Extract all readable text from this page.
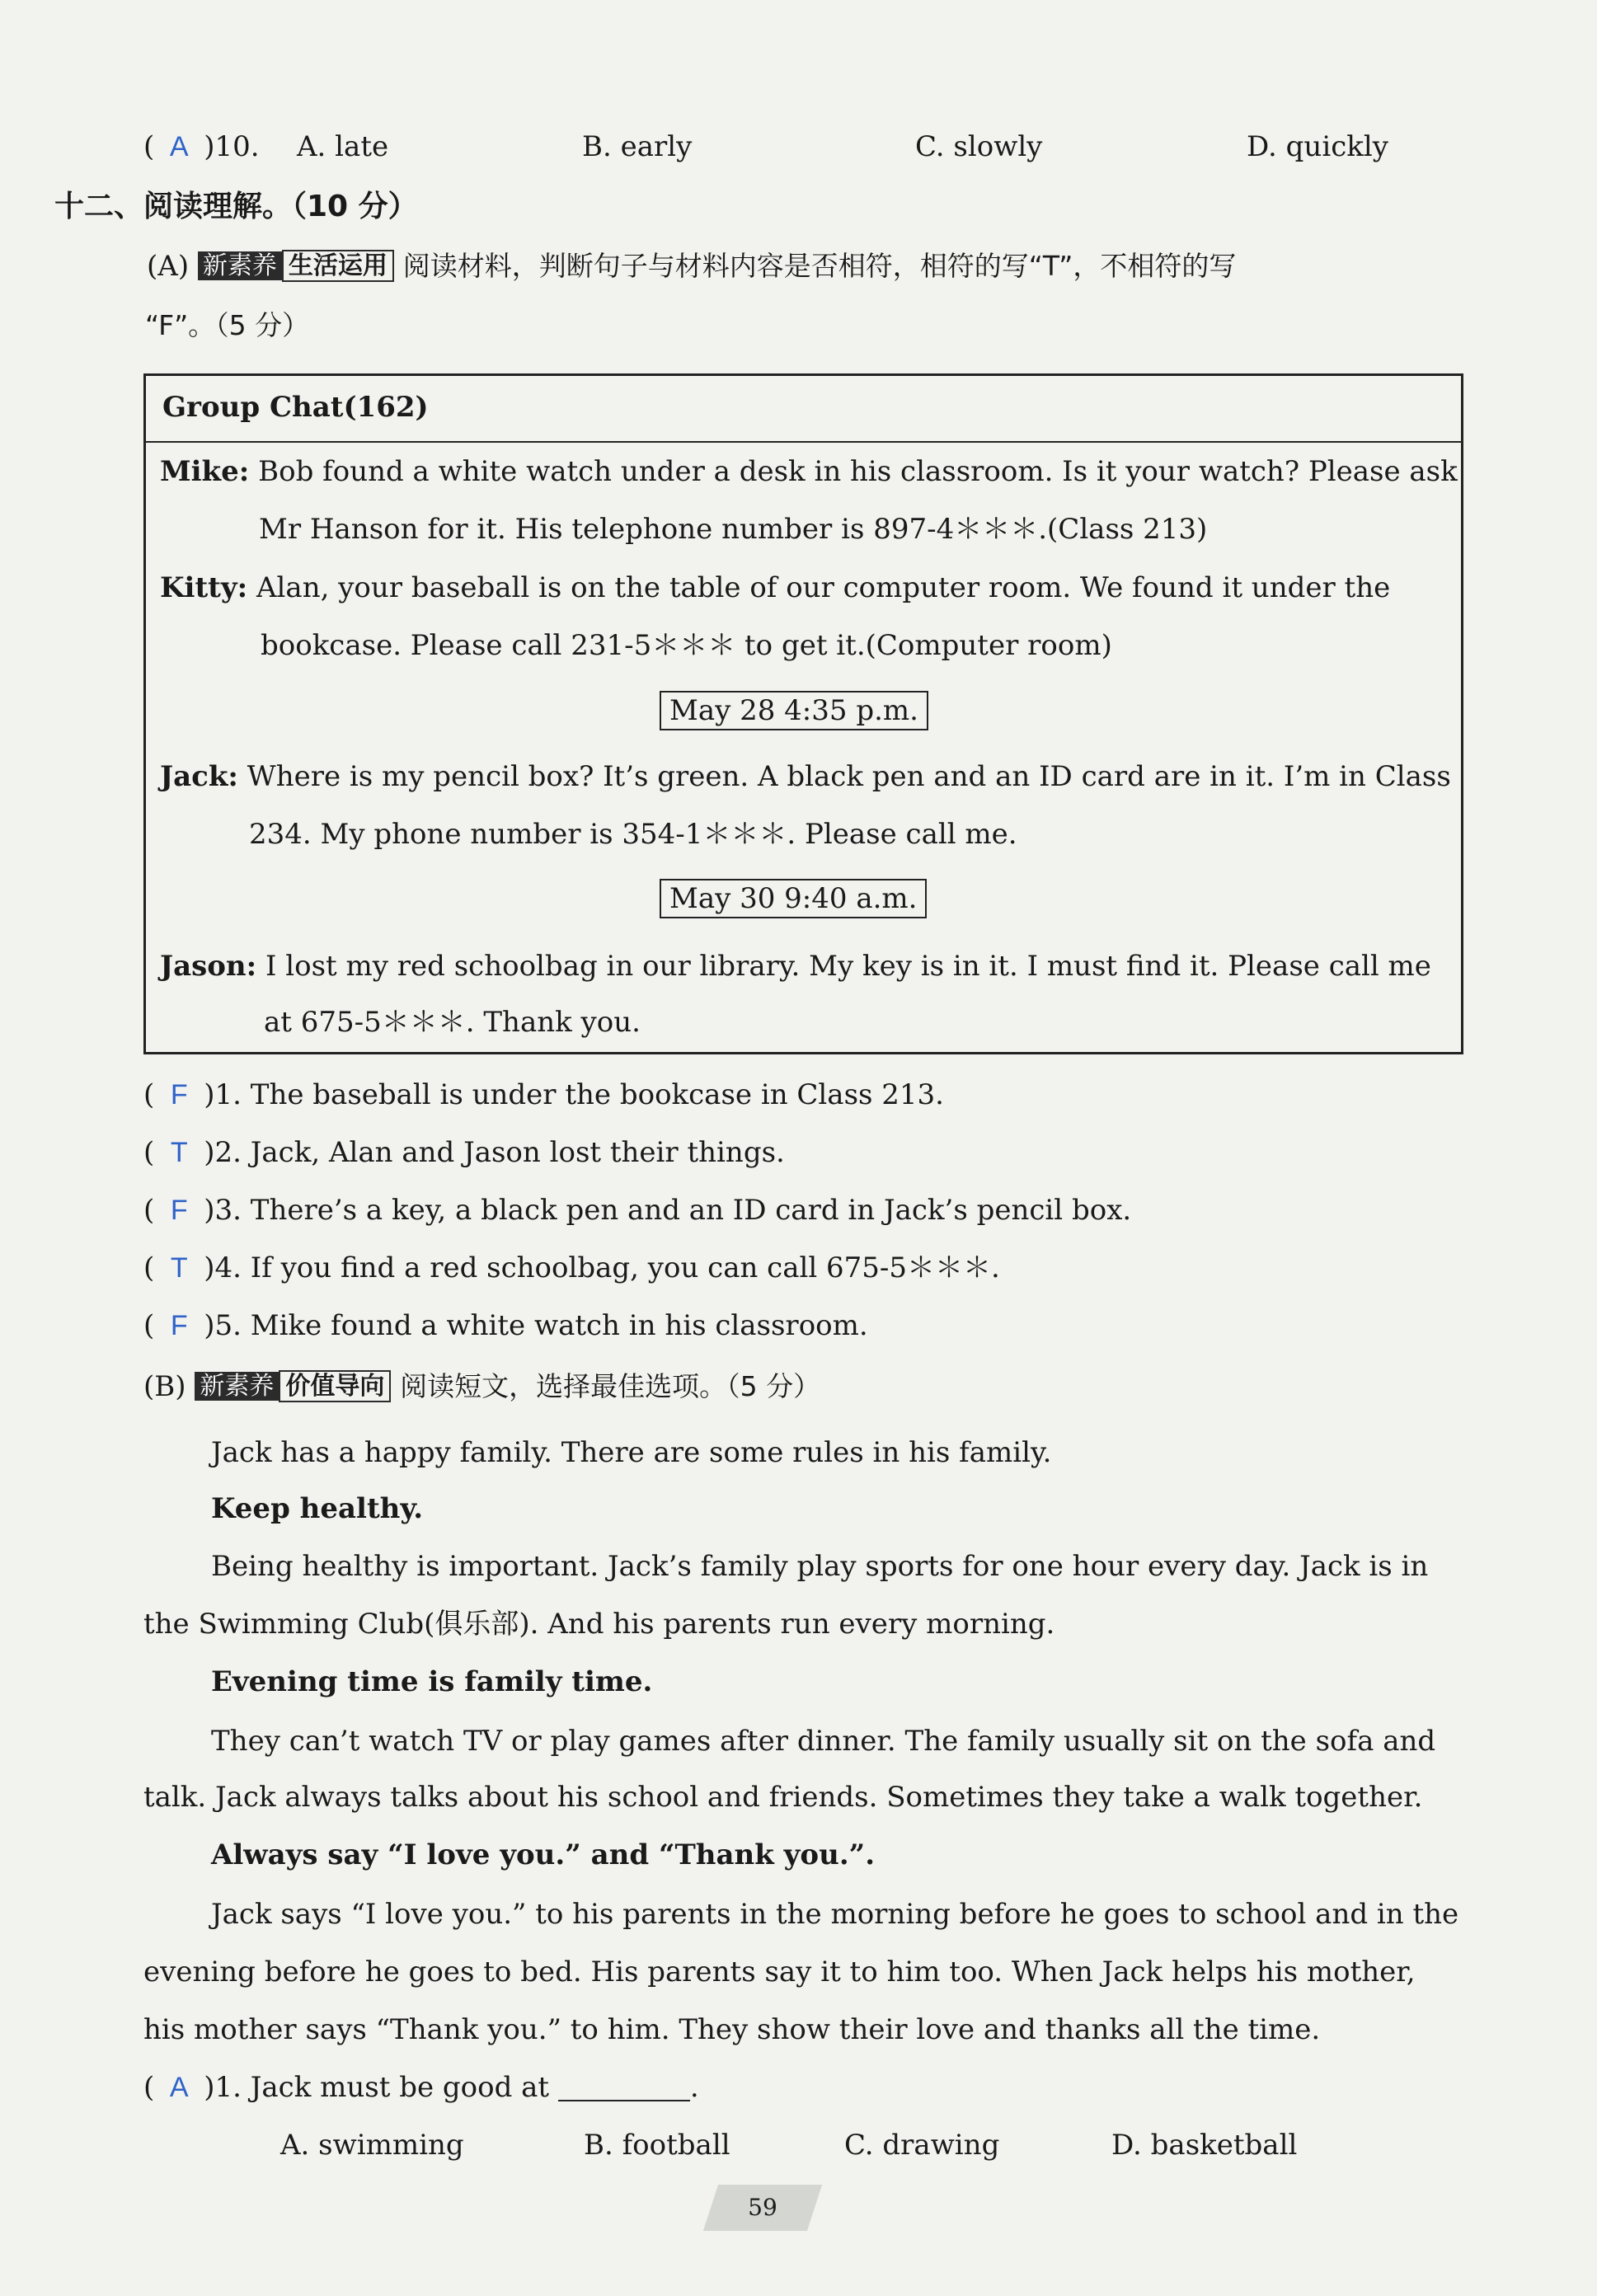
( A )10. A. late	B. early	C. slowly	D. quickly
十二、阅读理解。（10 分）
(A) 新素养 生活运用 阅读材料，判断句子与材料内容是否相符，相符的写“T”，不相符的写
“F”。（5 分）
Group Chat(162)
Mike: Bob found a white watch under a desk in his classroom. Is it your watch? Please ask
Mr Hanson for it. His telephone number is 897-4＊＊＊.(Class 213)
Kitty: Alan, your baseball is on the table of our computer room. We found it under the
bookcase. Please call 231-5＊＊＊ to get it.(Computer room)
May 28 4:35 p.m.
Jack: Where is my pencil box? It’s green. A black pen and an ID card are in it. I’m in Class
234. My phone number is 354-1＊＊＊. Please call me.
May 30 9:40 a.m.
Jason: I lost my red schoolbag in our library. My key is in it. I must find it. Please call me
at 675-5＊＊＊. Thank you.
( F )1. The baseball is under the bookcase in Class 213.
( T )2. Jack, Alan and Jason lost their things.
( F )3. There’s a key, a black pen and an ID card in Jack’s pencil box.
( T )4. If you find a red schoolbag, you can call 675-5＊＊＊.
( F )5. Mike found a white watch in his classroom.
(B) 新素养 价值导向 阅读短文，选择最佳选项。（5 分）
Jack has a happy family. There are some rules in his family.
Keep healthy.
Being healthy is important. Jack’s family play sports for one hour every day. Jack is in
the Swimming Club(俱乐部). And his parents run every morning.
Evening time is family time.
They can’t watch TV or play games after dinner. The family usually sit on the sofa and
talk. Jack always talks about his school and friends. Sometimes they take a walk together.
Always say “I love you.” and “Thank you.”.
Jack says “I love you.” to his parents in the morning before he goes to school and in the
evening before he goes to bed. His parents say it to him too. When Jack helps his mother,
his mother says “Thank you.” to him. They show their love and thanks all the time.
( A )1. Jack must be good at	.
A. swimming	B. football	C. drawing	D. basketball
59
